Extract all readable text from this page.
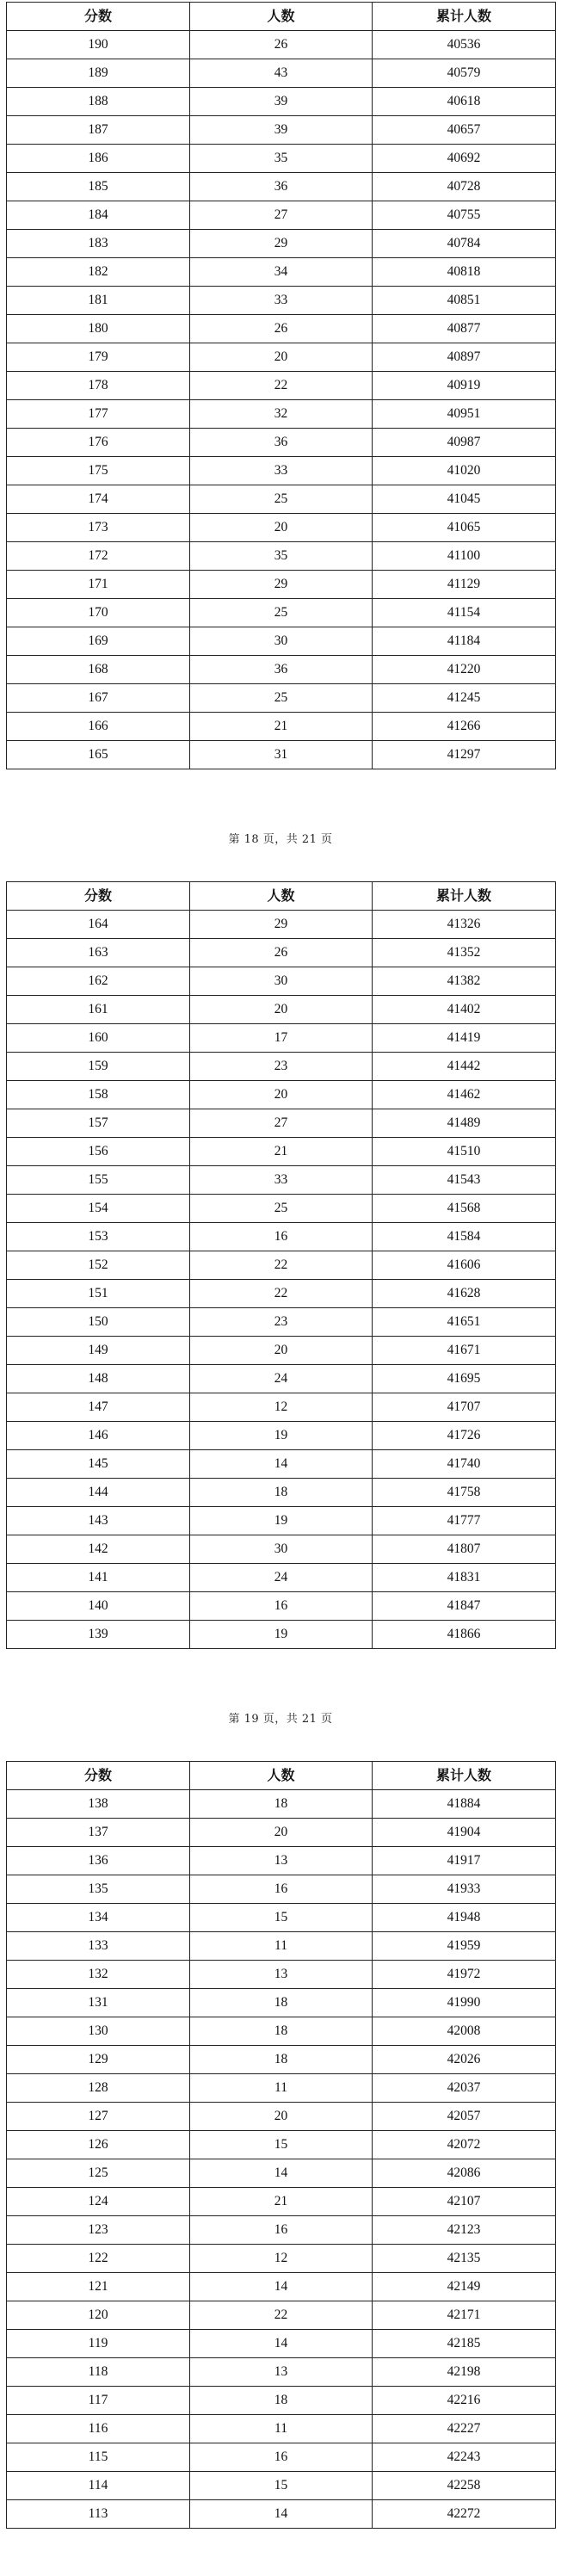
分数	人数	累计人数
190	26	40536
189	43	40579
188	39	40618
187	39	40657
186	35	40692
185	36	40728
184	27	40755
183	29	40784
182	34	40818
181	33	40851
180	26	40877
179	20	40897
178	22	40919
177	32	40951
176	36	40987
175	33	41020
174	25	41045
173	20	41065
172	35	41100
171	29	41129
170	25	41154
169	30	41184
168	36	41220
167	25	41245
166	21	41266
165	31	41297
第 18 页，共 21 页
分数	人数	累计人数
164	29	41326
163	26	41352
162	30	41382
161	20	41402
160	17	41419
159	23	41442
158	20	41462
157	27	41489
156	21	41510
155	33	41543
154	25	41568
153	16	41584
152	22	41606
151	22	41628
150	23	41651
149	20	41671
148	24	41695
147	12	41707
146	19	41726
145	14	41740
144	18	41758
143	19	41777
142	30	41807
141	24	41831
140	16	41847
139	19	41866
第 19 页，共 21 页
分数	人数	累计人数
138	18	41884
137	20	41904
136	13	41917
135	16	41933
134	15	41948
133	11	41959
132	13	41972
131	18	41990
130	18	42008
129	18	42026
128	11	42037
127	20	42057
126	15	42072
125	14	42086
124	21	42107
123	16	42123
122	12	42135
121	14	42149
120	22	42171
119	14	42185
118	13	42198
117	18	42216
116	11	42227
115	16	42243
114	15	42258
113	14	42272
